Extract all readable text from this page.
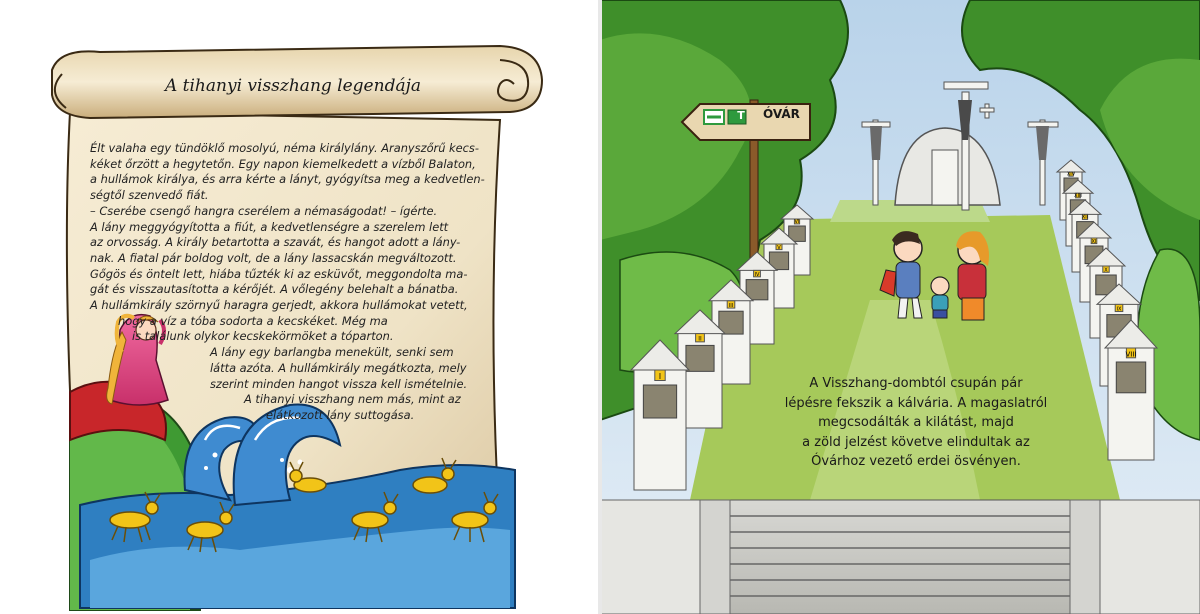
A tihanyi visszhang legendája
Élt valaha egy tündöklő mosolyú, néma királylány. Aranyszőrű kecs-
kéket őrzött a hegytetőn. Egy napon kiemelkedett a vízből Balaton,
a hullámok királya, és arra kérte a lányt, gyógyítsa meg a kedvetlen-
ségtől szenvedő fiát.
– Cserébe csengő hangra cserélem a némaságodat! – ígérte.
A lány meggyógyította a fiút, a kedvetlenségre a szerelem lett
az orvosság. A király betartotta a szavát, és hangot adott a lány-
nak. A fiatal pár boldog volt, de a lány lassacskán megváltozott.
Gőgös és öntelt lett, hiába tűzték ki az esküvőt, meggondolta ma-
gát és visszautasította a kérőjét. A vőlegény belehalt a bánatba.
A hullámkirály szörnyű haragra gerjedt, akkora hullámokat vetett,
hogy a víz a tóba sodorta a kecskéket. Még ma
is találunk olykor kecskekörmöket a tóparton.
A lány egy barlangba menekült, senki sem
látta azóta. A hullámkirály megátkozta, mely
szerint minden hangot vissza kell ismételnie.
A tihanyi visszhang nem más, mint az
elátkozott lány suttogása.
VI
V
IV
III
II
I
XIV
XIII
XII
XI
X
IX
VIII
ÓVÁR
T
A Visszhang-dombtól csupán pár
lépésre fekszik a kálvária. A magaslatról
megcsodálták a kilátást, majd
a zöld jelzést követve elindultak az
Óvárhoz vezető erdei ösvényen.
